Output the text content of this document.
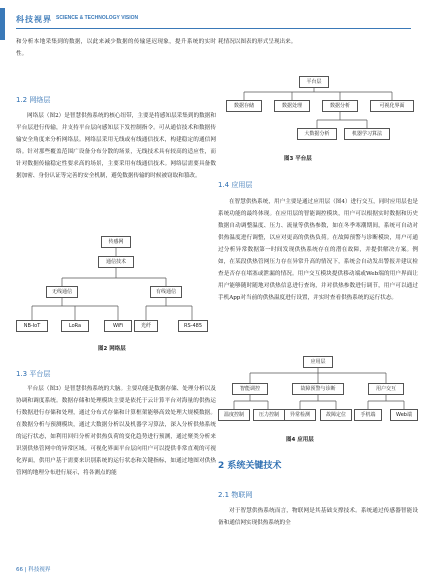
科技视界 SCIENCE & TECHNOLOGY VISION

和分析本地采集到的数据，以此来减少数据的传输延迟现象，提升系统的实时性。

1.2 网络层

网络层（图2）是智慧供热系统的核心纽带，主要是将感知层采集到的数据和平台层进行传输，并支持平台层向感知层下发控制指令。可从通信技术和数据传输安全角度来分析网络层。网络层采用无线或有线通信技术，构建稳定的通信网络。针对那些覆盖范围广设备分布分散的场景，无线技术具有较高的适应性，而针对数据传输稳定性要求高的场景，主要采用有线通信技术。网络层需要具备数据加密、身份认证等完善的安全机制，避免数据传输的时候被窃取和篡改。

传感网
通信技术
无线通信	有线通信
NB-IoT	LoRa	WiFi	光纤	RS-485
图2 网络层
1.3 平台层

平台层（图3）是智慧供热系统的大脑。主要功能是数据存储、处理分析以及协调和调度系统。数据存储和处理模块主要是依托于云计算平台对海量的供热运行数据进行存储和处理，通过分布式存储和计算框架能够高效处理大规模数据。在数据分析与预测模块，通过大数据分析以及机器学习算法，深入分析供热系统的运行状态，如利用回归分析对供热负荷的变化趋势进行预测，通过聚类分析来识别供热管网中的异常区域。可视化界面平台层向用户可以提供非常直观的可视化界面，供用户基于需要来识别系统的运行状态和关键指标，如通过地图对供热管网的地理分布进行展示，将各测点的能

耗情况以图表的形式呈现出来。

平台层
数据存储	数据处理	数据分析	可视化界面
大数据分析	机器学习算法
图3 平台层
1.4 应用层

在智慧供热系统，用户主要是通过应用层（图4）进行交互，同时应用层也是系统功能的最终体现。在应用层的智能调控模块，用户可以根据实时数据和历史数据自动调整温度、压力、流量等供热参数，如在冬季寒潮期间，系统可自动对供热温度进行调整，以应对更高的供热负荷。在故障预警与诊断模块，用户可通过分析异常数据第一时间发现供热系统存在的潜在故障，并提供解决方案。例如，在某段供热管网压力存在异常升高的情况下，系统会自动发出警报并建议检查是否存在堵塞或泄漏的情况。用户交互模块提供移动端或Web端的用户界面让用户能够随时随地对供热信息进行查询，并对供热参数进行调节，用户可以通过手机App对当前的供热温度进行设置，并实时查看供热系统的运行状态。

应用层
智能调控	故障预警与诊断	用户交互
温度控制	压力控制	异常检测	故障定位	手机端	Web端
图4 应用层
2 系统关键技术
2.1 物联网

对于智慧供热系统而言，物联网是其基础支撑技术。系统通过传感器智能设备和通信网实现供热系统的全

66 | 科技视界
